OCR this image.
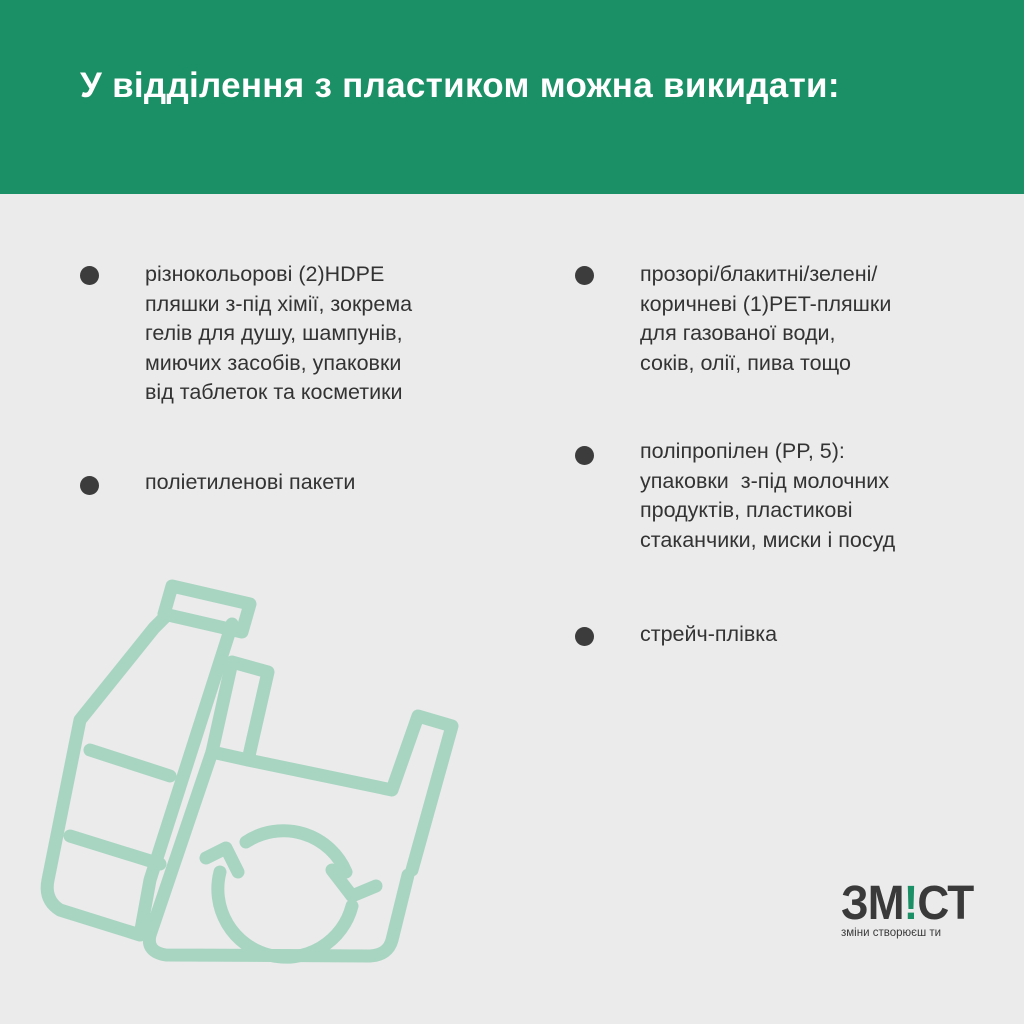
У відділення з пластиком можна викидати:
різнокольорові (2)HDPE
пляшки з-під хімії, зокрема
гелів для душу, шампунів,
миючих засобів, упаковки
від таблеток та косметики
поліетиленові пакети
прозорі/блакитні/зелені/
коричневі (1)PET-пляшки
для газованої води,
соків, олії, пива тощо
поліпропілен (PP, 5):
упаковки  з-під молочних
продуктів, пластикові
стаканчики, миски і посуд
стрейч-плівка
ЗМ!СТ
зміни створюєш ти
